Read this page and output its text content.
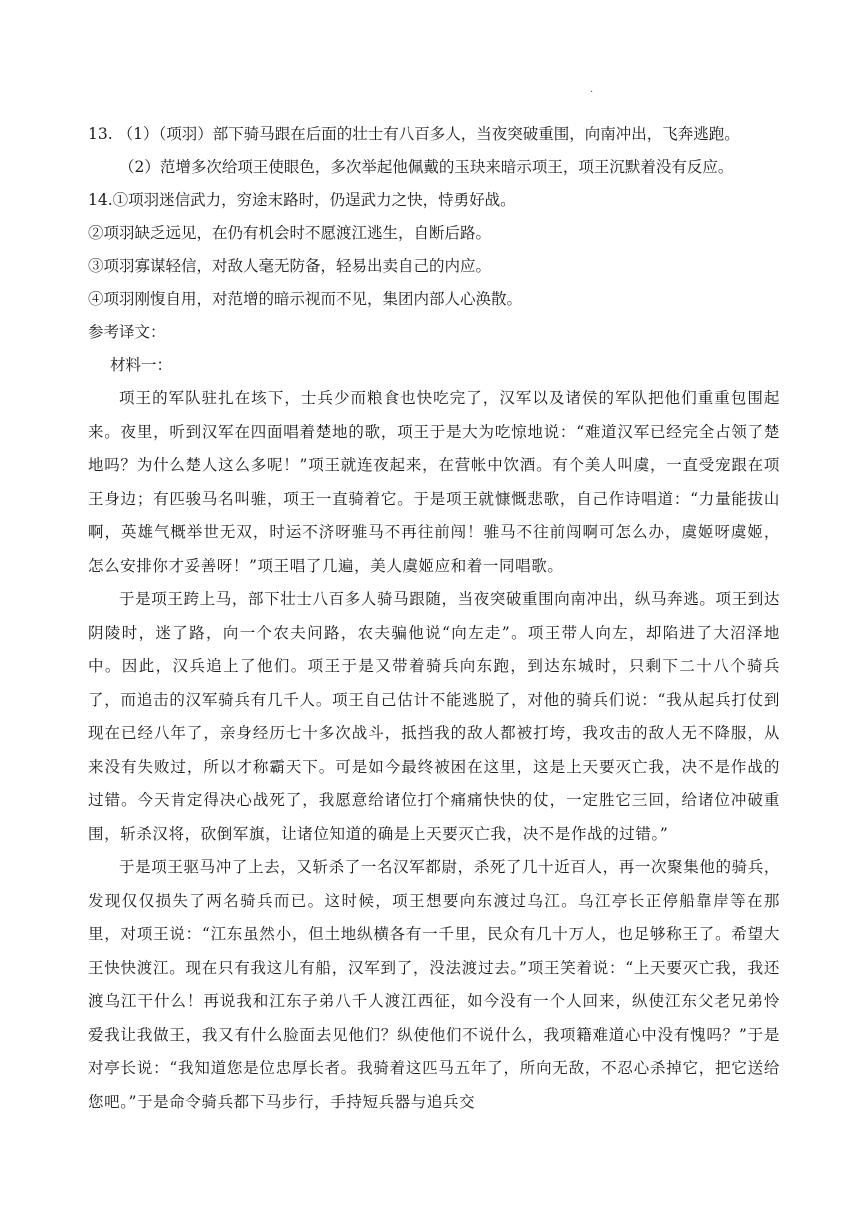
.
13. （1）（项羽）部下骑马跟在后面的壮士有八百多人，当夜突破重围，向南冲出，飞奔逃跑。
（2）范增多次给项王使眼色，多次举起他佩戴的玉玦来暗示项王，项王沉默着没有反应。
14.①项羽迷信武力，穷途末路时，仍逞武力之快，恃勇好战。
②项羽缺乏远见，在仍有机会时不愿渡江逃生，自断后路。
③项羽寡谋轻信，对敌人毫无防备，轻易出卖自己的内应。
④项羽刚愎自用，对范增的暗示视而不见，集团内部人心涣散。
参考译文：
材料一：
项王的军队驻扎在垓下，士兵少而粮食也快吃完了，汉军以及诸侯的军队把他们重重包围起来。夜里，听到汉军在四面唱着楚地的歌，项王于是大为吃惊地说：“难道汉军已经完全占领了楚地吗？为什么楚人这么多呢！”项王就连夜起来，在营帐中饮酒。有个美人叫虞，一直受宠跟在项王身边；有匹骏马名叫骓，项王一直骑着它。于是项王就慷慨悲歌，自己作诗唱道：“力量能拔山啊，英雄气概举世无双，时运不济呀骓马不再往前闯！骓马不往前闯啊可怎么办，虞姬呀虞姬，怎么安排你才妥善呀！”项王唱了几遍，美人虞姬应和着一同唱歌。
于是项王跨上马，部下壮士八百多人骑马跟随，当夜突破重围向南冲出，纵马奔逃。项王到达阴陵时，迷了路，向一个农夫问路，农夫骗他说“向左走”。项王带人向左，却陷进了大沼泽地中。因此，汉兵追上了他们。项王于是又带着骑兵向东跑，到达东城时，只剩下二十八个骑兵了，而追击的汉军骑兵有几千人。项王自己估计不能逃脱了，对他的骑兵们说：“我从起兵打仗到现在已经八年了，亲身经历七十多次战斗，抵挡我的敌人都被打垮，我攻击的敌人无不降服，从来没有失败过，所以才称霸天下。可是如今最终被困在这里，这是上天要灭亡我，决不是作战的过错。今天肯定得决心战死了，我愿意给诸位打个痛痛快快的仗，一定胜它三回，给诸位冲破重围，斩杀汉将，砍倒军旗，让诸位知道的确是上天要灭亡我，决不是作战的过错。”
于是项王驱马冲了上去，又斩杀了一名汉军都尉，杀死了几十近百人，再一次聚集他的骑兵，发现仅仅损失了两名骑兵而已。这时候，项王想要向东渡过乌江。乌江亭长正停船靠岸等在那里，对项王说：“江东虽然小，但土地纵横各有一千里，民众有几十万人，也足够称王了。希望大王快快渡江。现在只有我这儿有船，汉军到了，没法渡过去。”项王笑着说：“上天要灭亡我，我还渡乌江干什么！再说我和江东子弟八千人渡江西征，如今没有一个人回来，纵使江东父老兄弟怜爱我让我做王，我又有什么脸面去见他们？纵使他们不说什么，我项籍难道心中没有愧吗？”于是对亭长说：“我知道您是位忠厚长者。我骑着这匹马五年了，所向无敌，不忍心杀掉它，把它送给您吧。”于是命令骑兵都下马步行，手持短兵器与追兵交
